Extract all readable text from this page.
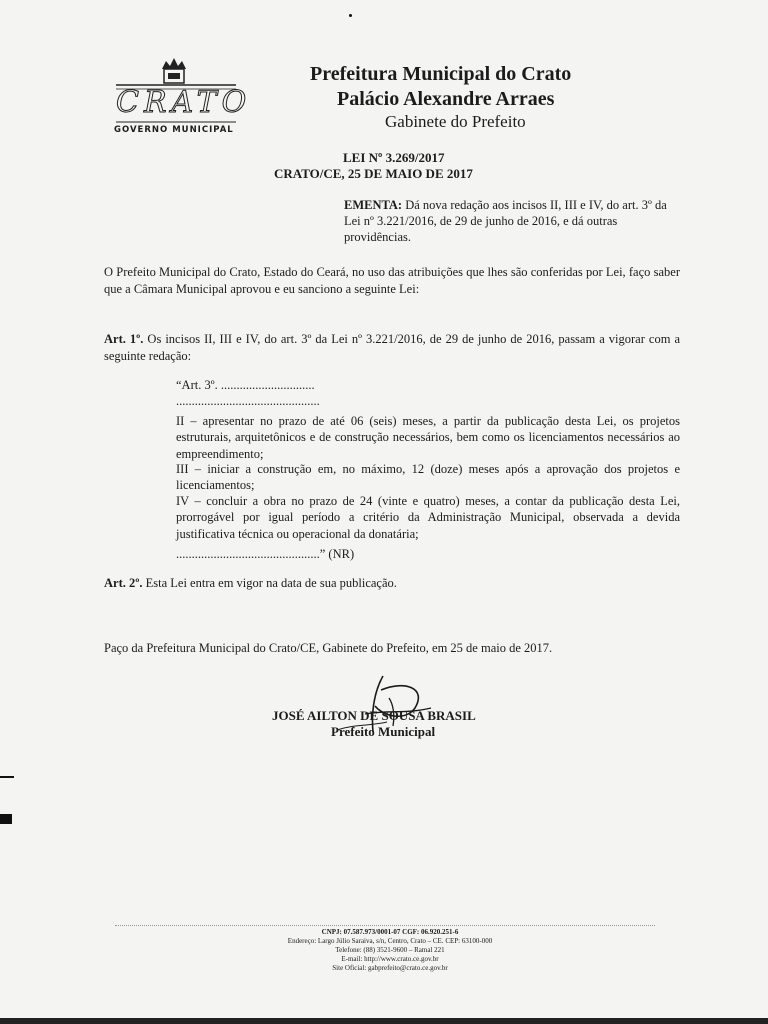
CRATO
GOVERNO MUNICIPAL
Prefeitura Municipal do Crato
Palácio Alexandre Arraes
Gabinete do Prefeito
LEI Nº 3.269/2017
CRATO/CE, 25 DE MAIO DE 2017
EMENTA: Dá nova redação aos incisos II, III e IV, do art. 3º da Lei nº 3.221/2016, de 29 de junho de 2016, e dá outras providências.
O Prefeito Municipal do Crato, Estado do Ceará, no uso das atribuições que lhes são conferidas por Lei, faço saber que a Câmara Municipal aprovou e eu sanciono a seguinte Lei:
Art. 1º. Os incisos II, III e IV, do art. 3º da Lei nº 3.221/2016, de 29 de junho de 2016, passam a vigorar com a seguinte redação:
“Art. 3º. ..............................
..............................................
II – apresentar no prazo de até 06 (seis) meses, a partir da publicação desta Lei, os projetos estruturais, arquitetônicos e de construção necessários, bem como os licenciamentos necessários ao empreendimento;
III – iniciar a construção em, no máximo, 12 (doze) meses após a aprovação dos projetos e licenciamentos;
IV – concluir a obra no prazo de 24 (vinte e quatro) meses, a contar da publicação desta Lei, prorrogável por igual período a critério da Administração Municipal, observada a devida justificativa técnica ou operacional da donatária;
..............................................” (NR)
Art. 2º. Esta Lei entra em vigor na data de sua publicação.
Paço da Prefeitura Municipal do Crato/CE, Gabinete do Prefeito, em 25 de maio de 2017.
JOSÉ AILTON DE SOUSA BRASIL
Prefeito Municipal
CNPJ: 07.587.973/0001-07 CGF: 06.920.251-6
Endereço: Largo Júlio Saraiva, s/n, Centro, Crato – CE. CEP: 63100-000
Telefone: (88) 3521-9600 – Ramal 221
E-mail: http://www.crato.ce.gov.br
Site Oficial: gabprefeito@crato.ce.gov.br
